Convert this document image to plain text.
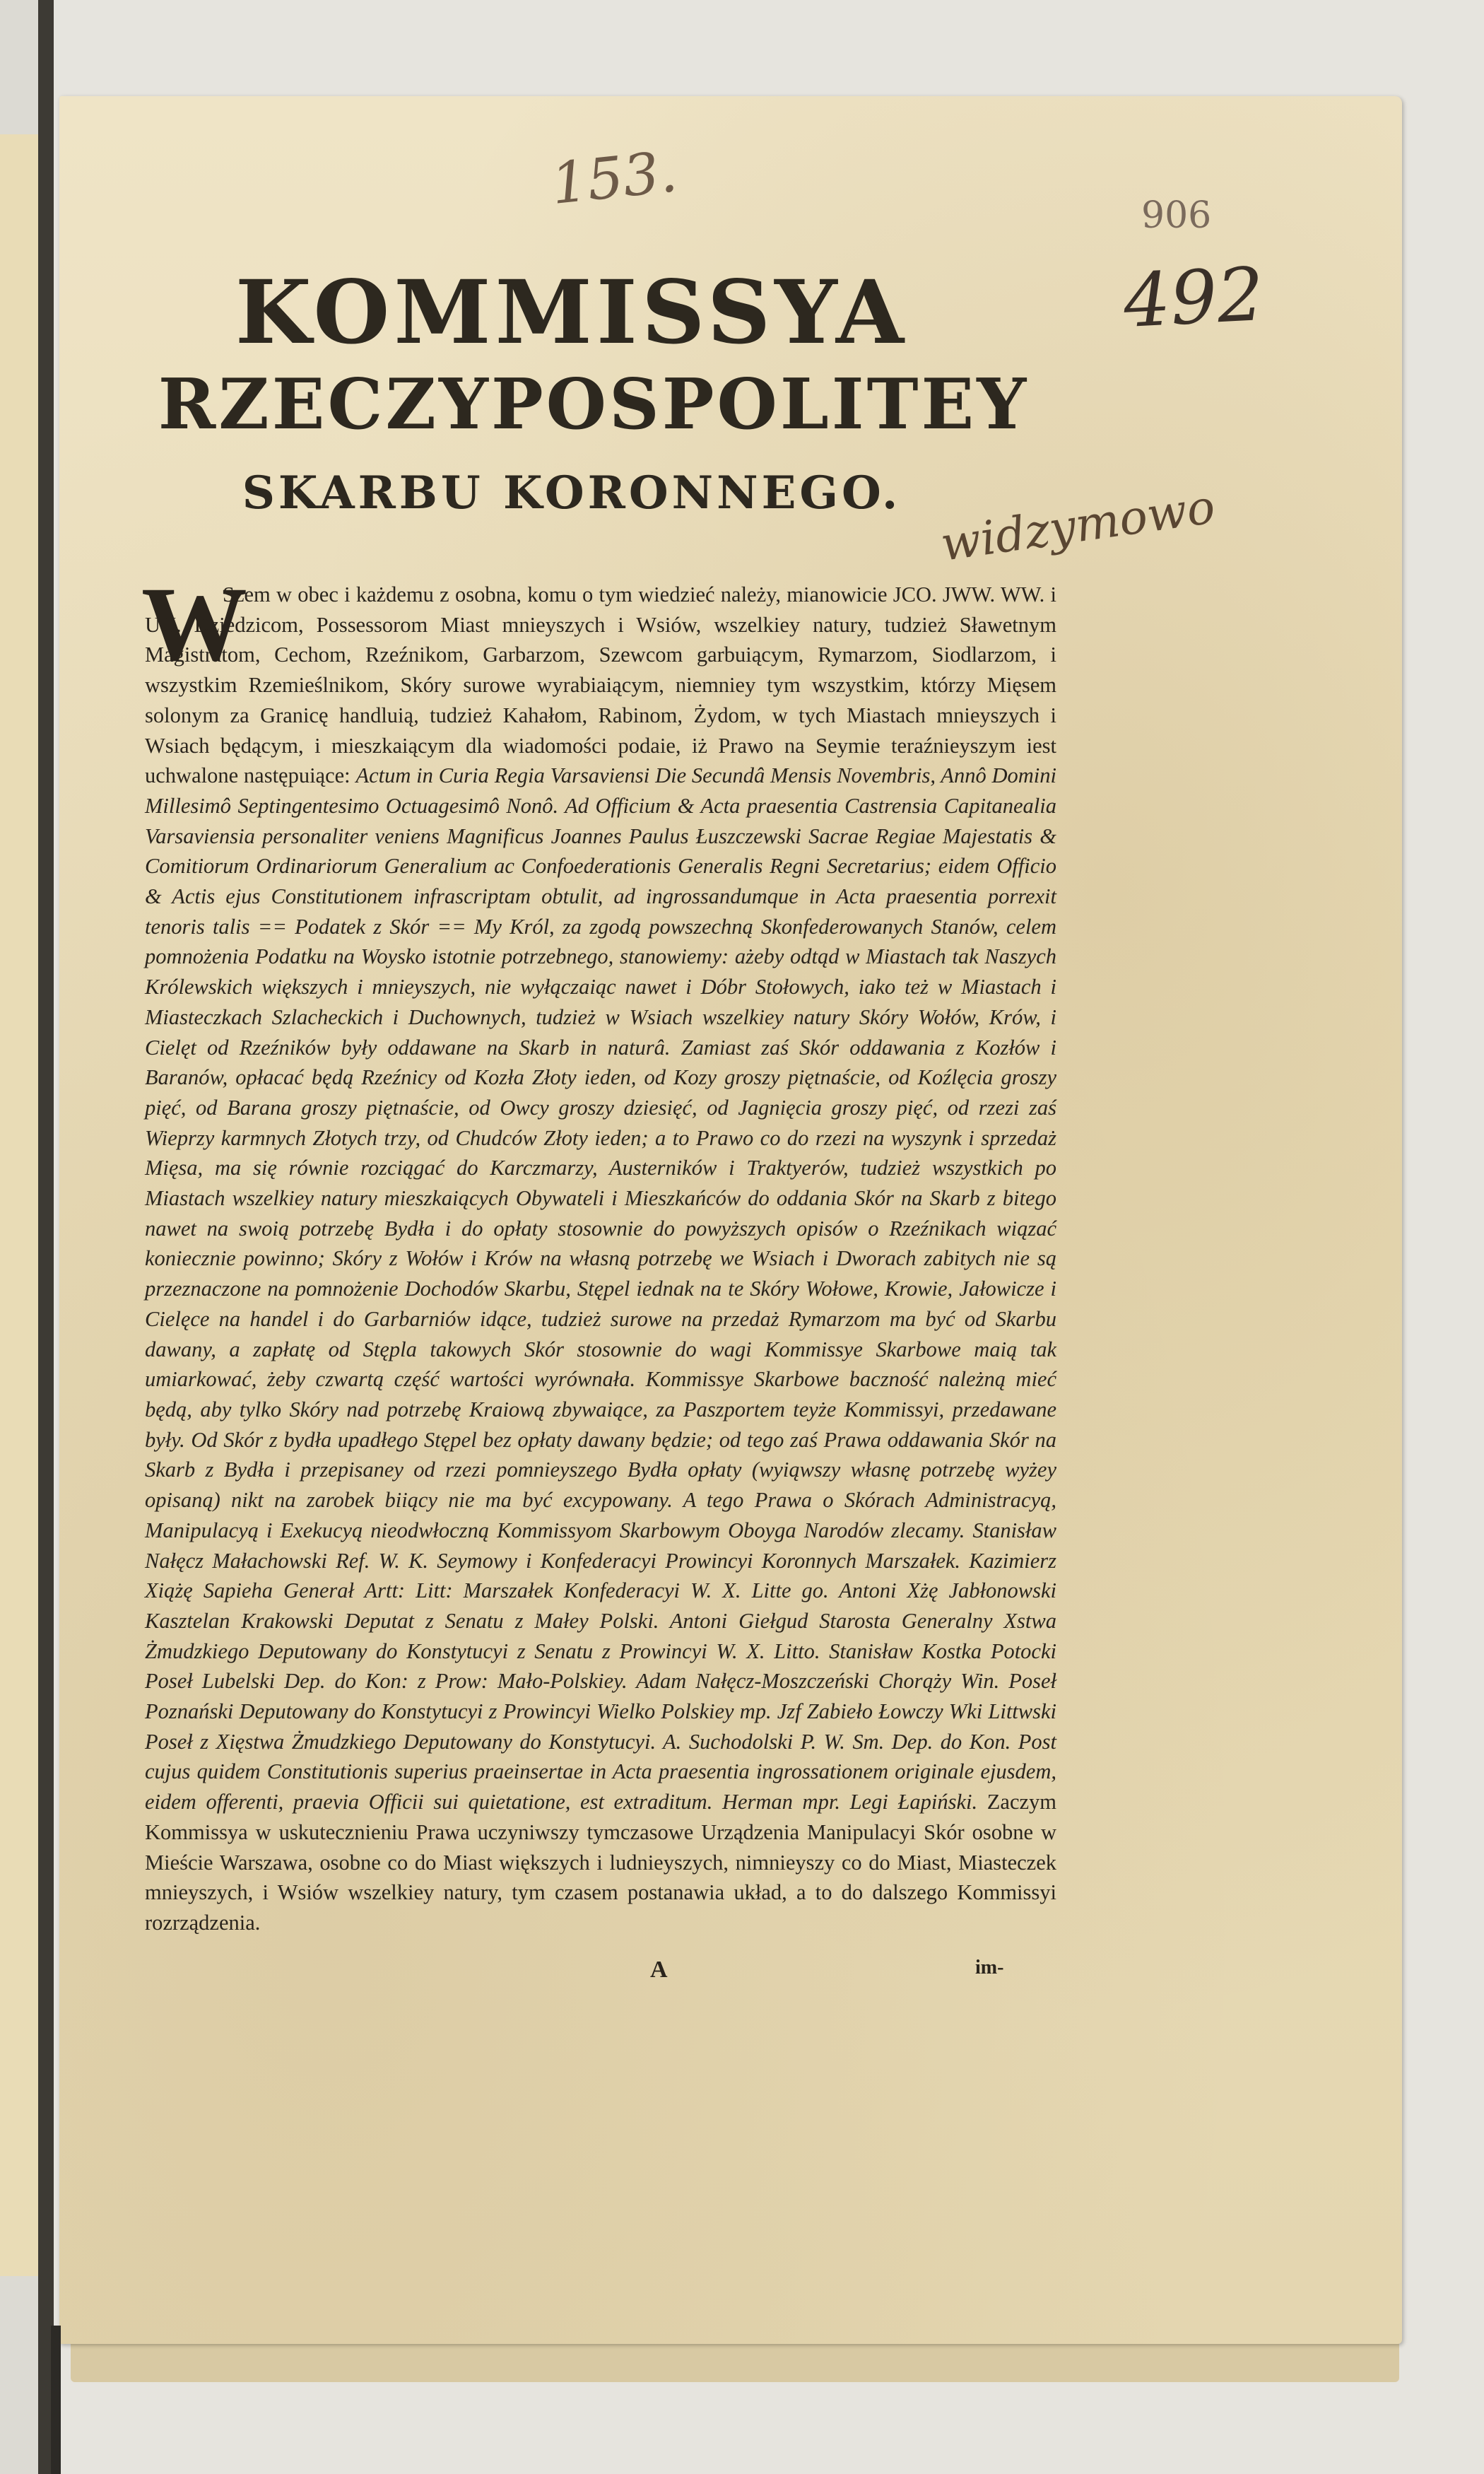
153.	906
492
widzymowo
KOMMISSYA
RZECZYPOSPOLITEY
SKARBU KORONNEGO.
W
Szem w obec i każdemu z osobna, komu o tym wiedzieć należy, mianowicie JCO. JWW. WW. i UU. Dziedzicom, Possessorom Miast mnieyszych i Wsiów, wszelkiey natury, tudzież Sławetnym Magistratom, Cechom, Rzeźnikom, Garbarzom, Szewcom garbuiącym, Rymarzom, Siodlarzom, i wszystkim Rzemieślnikom, Skóry surowe wyrabiaiącym, niemniey tym wszystkim, którzy Mięsem solonym za Granicę handluią, tudzież Kahałom, Rabinom, Żydom, w tych Miastach mnieyszych i Wsiach będącym, i mieszkaiącym dla wiadomości podaie, iż Prawo na Seymie teraźnieyszym iest uchwalone następuiące: Actum in Curia Regia Varsaviensi Die Secundâ Mensis Novembris, Annô Domini Millesimô Septingentesimo Octuagesimô Nonô. Ad Officium & Acta praesentia Castrensia Capitanealia Varsaviensia personaliter veniens Magnificus Joannes Paulus Łuszczewski Sacrae Regiae Majestatis & Comitiorum Ordinariorum Generalium ac Confoederationis Generalis Regni Secretarius; eidem Officio & Actis ejus Constitutionem infrascriptam obtulit, ad ingrossandumque in Acta praesentia porrexit tenoris talis == Podatek z Skór == My Król, za zgodą powszechną Skonfederowanych Stanów, celem pomnożenia Podatku na Woysko istotnie potrzebnego, stanowiemy: ażeby odtąd w Miastach tak Naszych Królewskich większych i mnieyszych, nie wyłączaiąc nawet i Dóbr Stołowych, iako też w Miastach i Miasteczkach Szlacheckich i Duchownych, tudzież w Wsiach wszelkiey natury Skóry Wołów, Krów, i Cielęt od Rzeźników były oddawane na Skarb in naturâ. Zamiast zaś Skór oddawania z Kozłów i Baranów, opłacać będą Rzeźnicy od Kozła Złoty ieden, od Kozy groszy piętnaście, od Koźlęcia groszy pięć, od Barana groszy piętnaście, od Owcy groszy dziesięć, od Jagnięcia groszy pięć, od rzezi zaś Wieprzy karmnych Złotych trzy, od Chudców Złoty ieden; a to Prawo co do rzezi na wyszynk i sprzedaż Mięsa, ma się równie rozciągać do Karczmarzy, Austerników i Traktyerów, tudzież wszystkich po Miastach wszelkiey natury mieszkaiących Obywateli i Mieszkańców do oddania Skór na Skarb z bitego nawet na swoią potrzebę Bydła i do opłaty stosownie do powyższych opisów o Rzeźnikach wiązać koniecznie powinno; Skóry z Wołów i Krów na własną potrzebę we Wsiach i Dworach zabitych nie są przeznaczone na pomnożenie Dochodów Skarbu, Stępel iednak na te Skóry Wołowe, Krowie, Jałowicze i Cielęce na handel i do Garbarniów idące, tudzież surowe na przedaż Rymarzom ma być od Skarbu dawany, a zapłatę od Stępla takowych Skór stosownie do wagi Kommissye Skarbowe maią tak umiarkować, żeby czwartą część wartości wyrównała. Kommissye Skarbowe baczność należną mieć będą, aby tylko Skóry nad potrzebę Kraiową zbywaiące, za Paszportem teyże Kommissyi, przedawane były. Od Skór z bydła upadłego Stępel bez opłaty dawany będzie; od tego zaś Prawa oddawania Skór na Skarb z Bydła i przepisaney od rzezi pomnieyszego Bydła opłaty (wyiąwszy własnę potrzebę wyżey opisaną) nikt na zarobek biiący nie ma być excypowany. A tego Prawa o Skórach Administracyą, Manipulacyą i Exekucyą nieodwłoczną Kommissyom Skarbowym Oboyga Narodów zlecamy. Stanisław Nałęcz Małachowski Ref. W. K. Seymowy i Konfederacyi Prowincyi Koronnych Marszałek. Kazimierz Xiążę Sapieha Generał Artt: Litt: Marszałek Konfederacyi W. X. Litte go. Antoni Xżę Jabłonowski Kasztelan Krakowski Deputat z Senatu z Małey Polski. Antoni Giełgud Starosta Generalny Xstwa Żmudzkiego Deputowany do Konstytucyi z Senatu z Prowincyi W. X. Litto. Stanisław Kostka Potocki Poseł Lubelski Dep. do Kon: z Prow: Mało-Polskiey. Adam Nałęcz-Moszczeński Chorąży Win. Poseł Poznański Deputowany do Konstytucyi z Prowincyi Wielko Polskiey mp. Jzf Zabieło Łowczy Wki Littwski Poseł z Xięstwa Żmudzkiego Deputowany do Konstytucyi. A. Suchodolski P. W. Sm. Dep. do Kon. Post cujus quidem Constitutionis superius praeinsertae in Acta praesentia ingrossationem originale ejusdem, eidem offerenti, praevia Officii sui quietatione, est extraditum. Herman mpr. Legi Łapiński. Zaczym Kommissya w uskutecznieniu Prawa uczyniwszy tymczasowe Urządzenia Manipulacyi Skór osobne w Mieście Warszawa, osobne co do Miast większych i ludnieyszych, nimnieyszy co do Miast, Miasteczek mnieyszych, i Wsiów wszelkiey natury, tym czasem postanawia układ, a to do dalszego Kommissyi rozrządzenia.
A	im-
